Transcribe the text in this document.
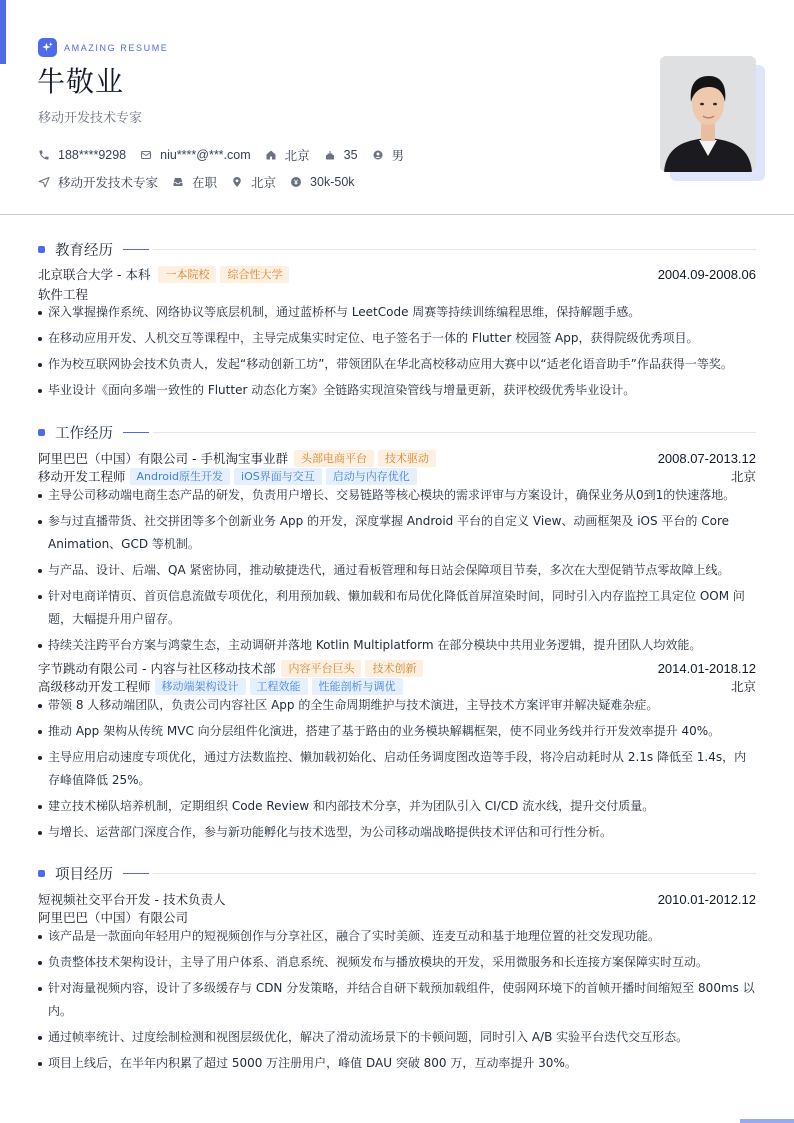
AMAZING RESUME
牛敬业
移动开发技术专家
188****9298	niu****@***.com	北京	35	男
移动开发技术专家	在职	北京	30k-50k
教育经历
北京联合大学 - 本科	一本院校	综合性大学	2004.09-2008.06
软件工程
深入掌握操作系统、网络协议等底层机制，通过蓝桥杯与 LeetCode 周赛等持续训练编程思维，保持解题手感。
在移动应用开发、人机交互等课程中，主导完成集实时定位、电子签名于一体的 Flutter 校园签 App，获得院级优秀项目。
作为校互联网协会技术负责人，发起“移动创新工坊”，带领团队在华北高校移动应用大赛中以“适老化语音助手”作品获得一等奖。
毕业设计《面向多端一致性的 Flutter 动态化方案》全链路实现渲染管线与增量更新，获评校级优秀毕业设计。
工作经历
阿里巴巴（中国）有限公司 - 手机淘宝事业群	头部电商平台	技术驱动	2008.07-2013.12
移动开发工程师	Android原生开发	iOS界面与交互	启动与内存优化	北京
主导公司移动端电商生态产品的研发，负责用户增长、交易链路等核心模块的需求评审与方案设计，确保业务从0到1的快速落地。
参与过直播带货、社交拼团等多个创新业务 App 的开发，深度掌握 Android 平台的自定义 View、动画框架及 iOS 平台的 Core Animation、GCD 等机制。
与产品、设计、后端、QA 紧密协同，推动敏捷迭代，通过看板管理和每日站会保障项目节奏，多次在大型促销节点零故障上线。
针对电商详情页、首页信息流做专项优化，利用预加载、懒加载和布局优化降低首屏渲染时间，同时引入内存监控工具定位 OOM 问题，大幅提升用户留存。
持续关注跨平台方案与鸿蒙生态，主动调研并落地 Kotlin Multiplatform 在部分模块中共用业务逻辑，提升团队人均效能。
字节跳动有限公司 - 内容与社区移动技术部	内容平台巨头	技术创新	2014.01-2018.12
高级移动开发工程师	移动端架构设计	工程效能	性能剖析与调优	北京
带领 8 人移动端团队，负责公司内容社区 App 的全生命周期维护与技术演进，主导技术方案评审并解决疑难杂症。
推动 App 架构从传统 MVC 向分层组件化演进，搭建了基于路由的业务模块解耦框架，使不同业务线并行开发效率提升 40%。
主导应用启动速度专项优化，通过方法数监控、懒加载初始化、启动任务调度图改造等手段，将冷启动耗时从 2.1s 降低至 1.4s，内存峰值降低 25%。
建立技术梯队培养机制，定期组织 Code Review 和内部技术分享，并为团队引入 CI/CD 流水线，提升交付质量。
与增长、运营部门深度合作，参与新功能孵化与技术选型，为公司移动端战略提供技术评估和可行性分析。
项目经历
短视频社交平台开发 - 技术负责人	2010.01-2012.12
阿里巴巴（中国）有限公司
该产品是一款面向年轻用户的短视频创作与分享社区，融合了实时美颜、连麦互动和基于地理位置的社交发现功能。
负责整体技术架构设计，主导了用户体系、消息系统、视频发布与播放模块的开发，采用微服务和长连接方案保障实时互动。
针对海量视频内容，设计了多级缓存与 CDN 分发策略，并结合自研下载预加载组件，使弱网环境下的首帧开播时间缩短至 800ms 以内。
通过帧率统计、过度绘制检测和视图层级优化，解决了滑动流场景下的卡顿问题，同时引入 A/B 实验平台迭代交互形态。
项目上线后，在半年内积累了超过 5000 万注册用户，峰值 DAU 突破 800 万，互动率提升 30%。
